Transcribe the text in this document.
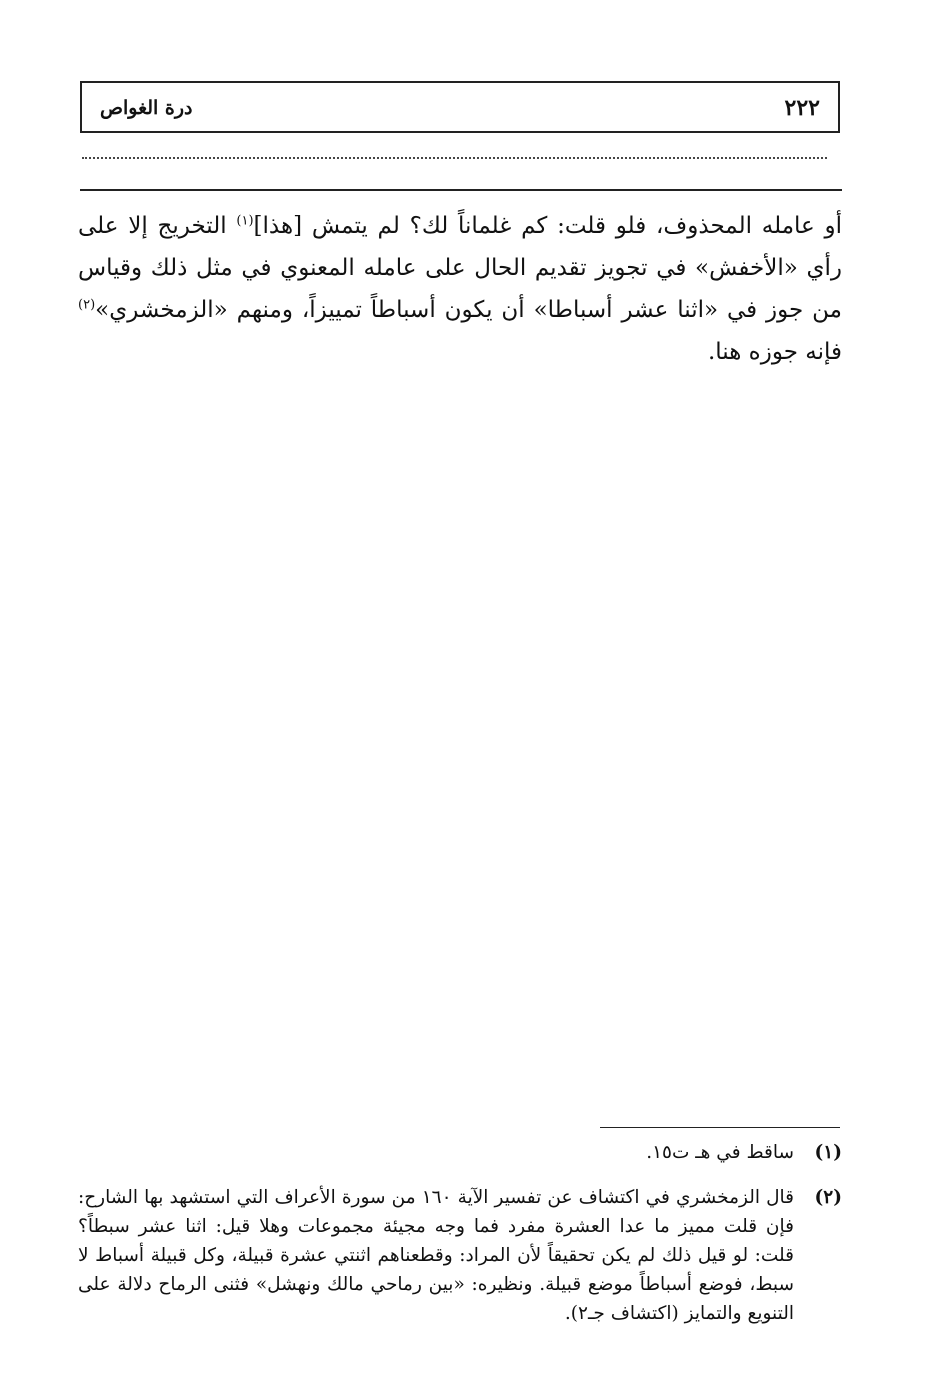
٢٢٢
درة الغواص

أو عامله المحذوف، فلو قلت: كم غلماناً لك؟ لم يتمش [هذا]$^{(١)}$ التخريج إلا على رأي «الأخفش» في تجويز تقديم الحال على عامله المعنوي في مثل ذلك وقياس من جوز في «اثنا عشر أسباطا» أن يكون أسباطاً تمييزاً، ومنهم «الزمخشري»$^{(٢)}$ فإنه جوزه هنا.

(١)
ساقط في هـ ت١٥.
(٢)
قال الزمخشري في اكتشاف عن تفسير الآية ١٦٠ من سورة الأعراف التي استشهد بها الشارح: فإن قلت مميز ما عدا العشرة مفرد فما وجه مجيئة مجموعات وهلا قيل: اثنا عشر سبطاً؟ قلت: لو قيل ذلك لم يكن تحقيقاً لأن المراد: وقطعناهم اثنتي عشرة قبيلة، وكل قبيلة أسباط لا سبط، فوضع أسباطاً موضع قبيلة. ونظيره: «بين رماحي مالك ونهشل» فثنى الرماح دلالة على التنويع والتمايز (اكتشاف جـ٢).
